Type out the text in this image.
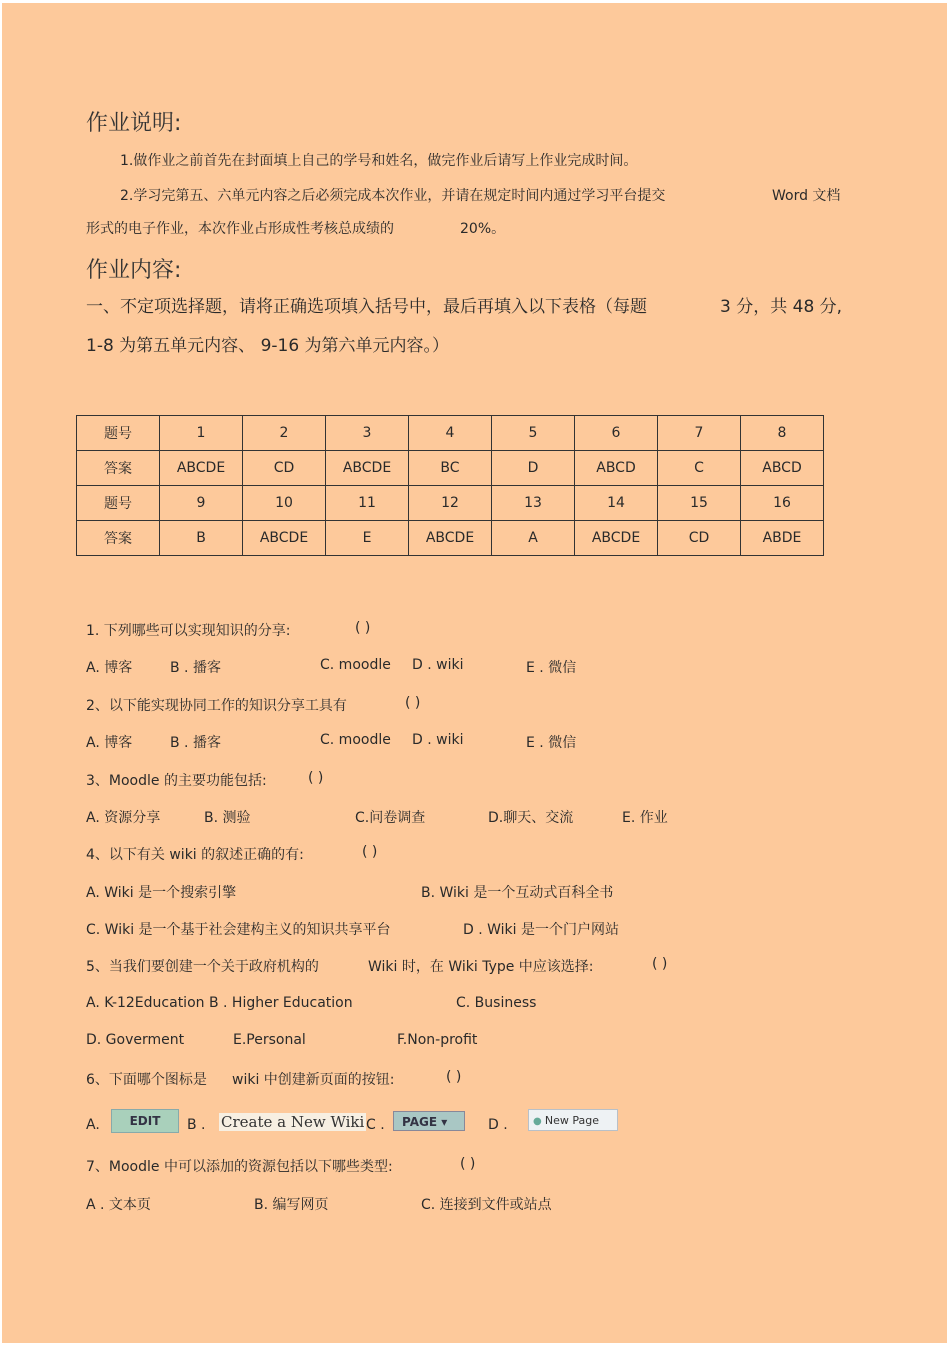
作业说明:
1.做作业之前首先在封面填上自己的学号和姓名，做完作业后请写上作业完成时间。
2.学习完第五、六单元内容之后必须完成本次作业，并请在规定时间内通过学习平台提交	Word 文档
形式的电子作业，本次作业占形成性考核总成绩的	20%。
作业内容:
一、不定项选择题，请将正确选项填入括号中，最后再填入以下表格（每题	3 分，共 48 分,
1-8 为第五单元内容、 9-16 为第六单元内容。）
题号	1	2	3	4	5	6	7	8
答案	ABCDE	CD	ABCDE	BC	D	ABCD	C	ABCD
题号	9	10	11	12	13	14	15	16
答案	B	ABCDE	E	ABCDE	A	ABCDE	CD	ABDE
1. 下列哪些可以实现知识的分享:	( )
A. 博客	B . 播客	C. moodle D . wiki	E . 微信
2、以下能实现协同工作的知识分享工具有	( )
A. 博客	B . 播客	C. moodle D . wiki	E . 微信
3、Moodle 的主要功能包括:	( )
A. 资源分享	B. 测验	C.问卷调查	D.聊天、交流	E. 作业
4、以下有关 wiki 的叙述正确的有:	( )
A. Wiki 是一个搜索引擎	B. Wiki 是一个互动式百科全书
C. Wiki 是一个基于社会建构主义的知识共享平台	D . Wiki 是一个门户网站
5、当我们要创建一个关于政府机构的	Wiki 时，在 Wiki Type 中应该选择:	( )
A. K-12Education B . Higher Education	C. Business
D. Goverment	E.Personal	F.Non-profit
6、下面哪个图标是 wiki 中创建新页面的按钮:	( )
A.	EDIT	B . Create a New Wiki C .	PAGE ▾	D .	● New Page
7、Moodle 中可以添加的资源包括以下哪些类型:	( )
A . 文本页	B. 编写网页	C. 连接到文件或站点
